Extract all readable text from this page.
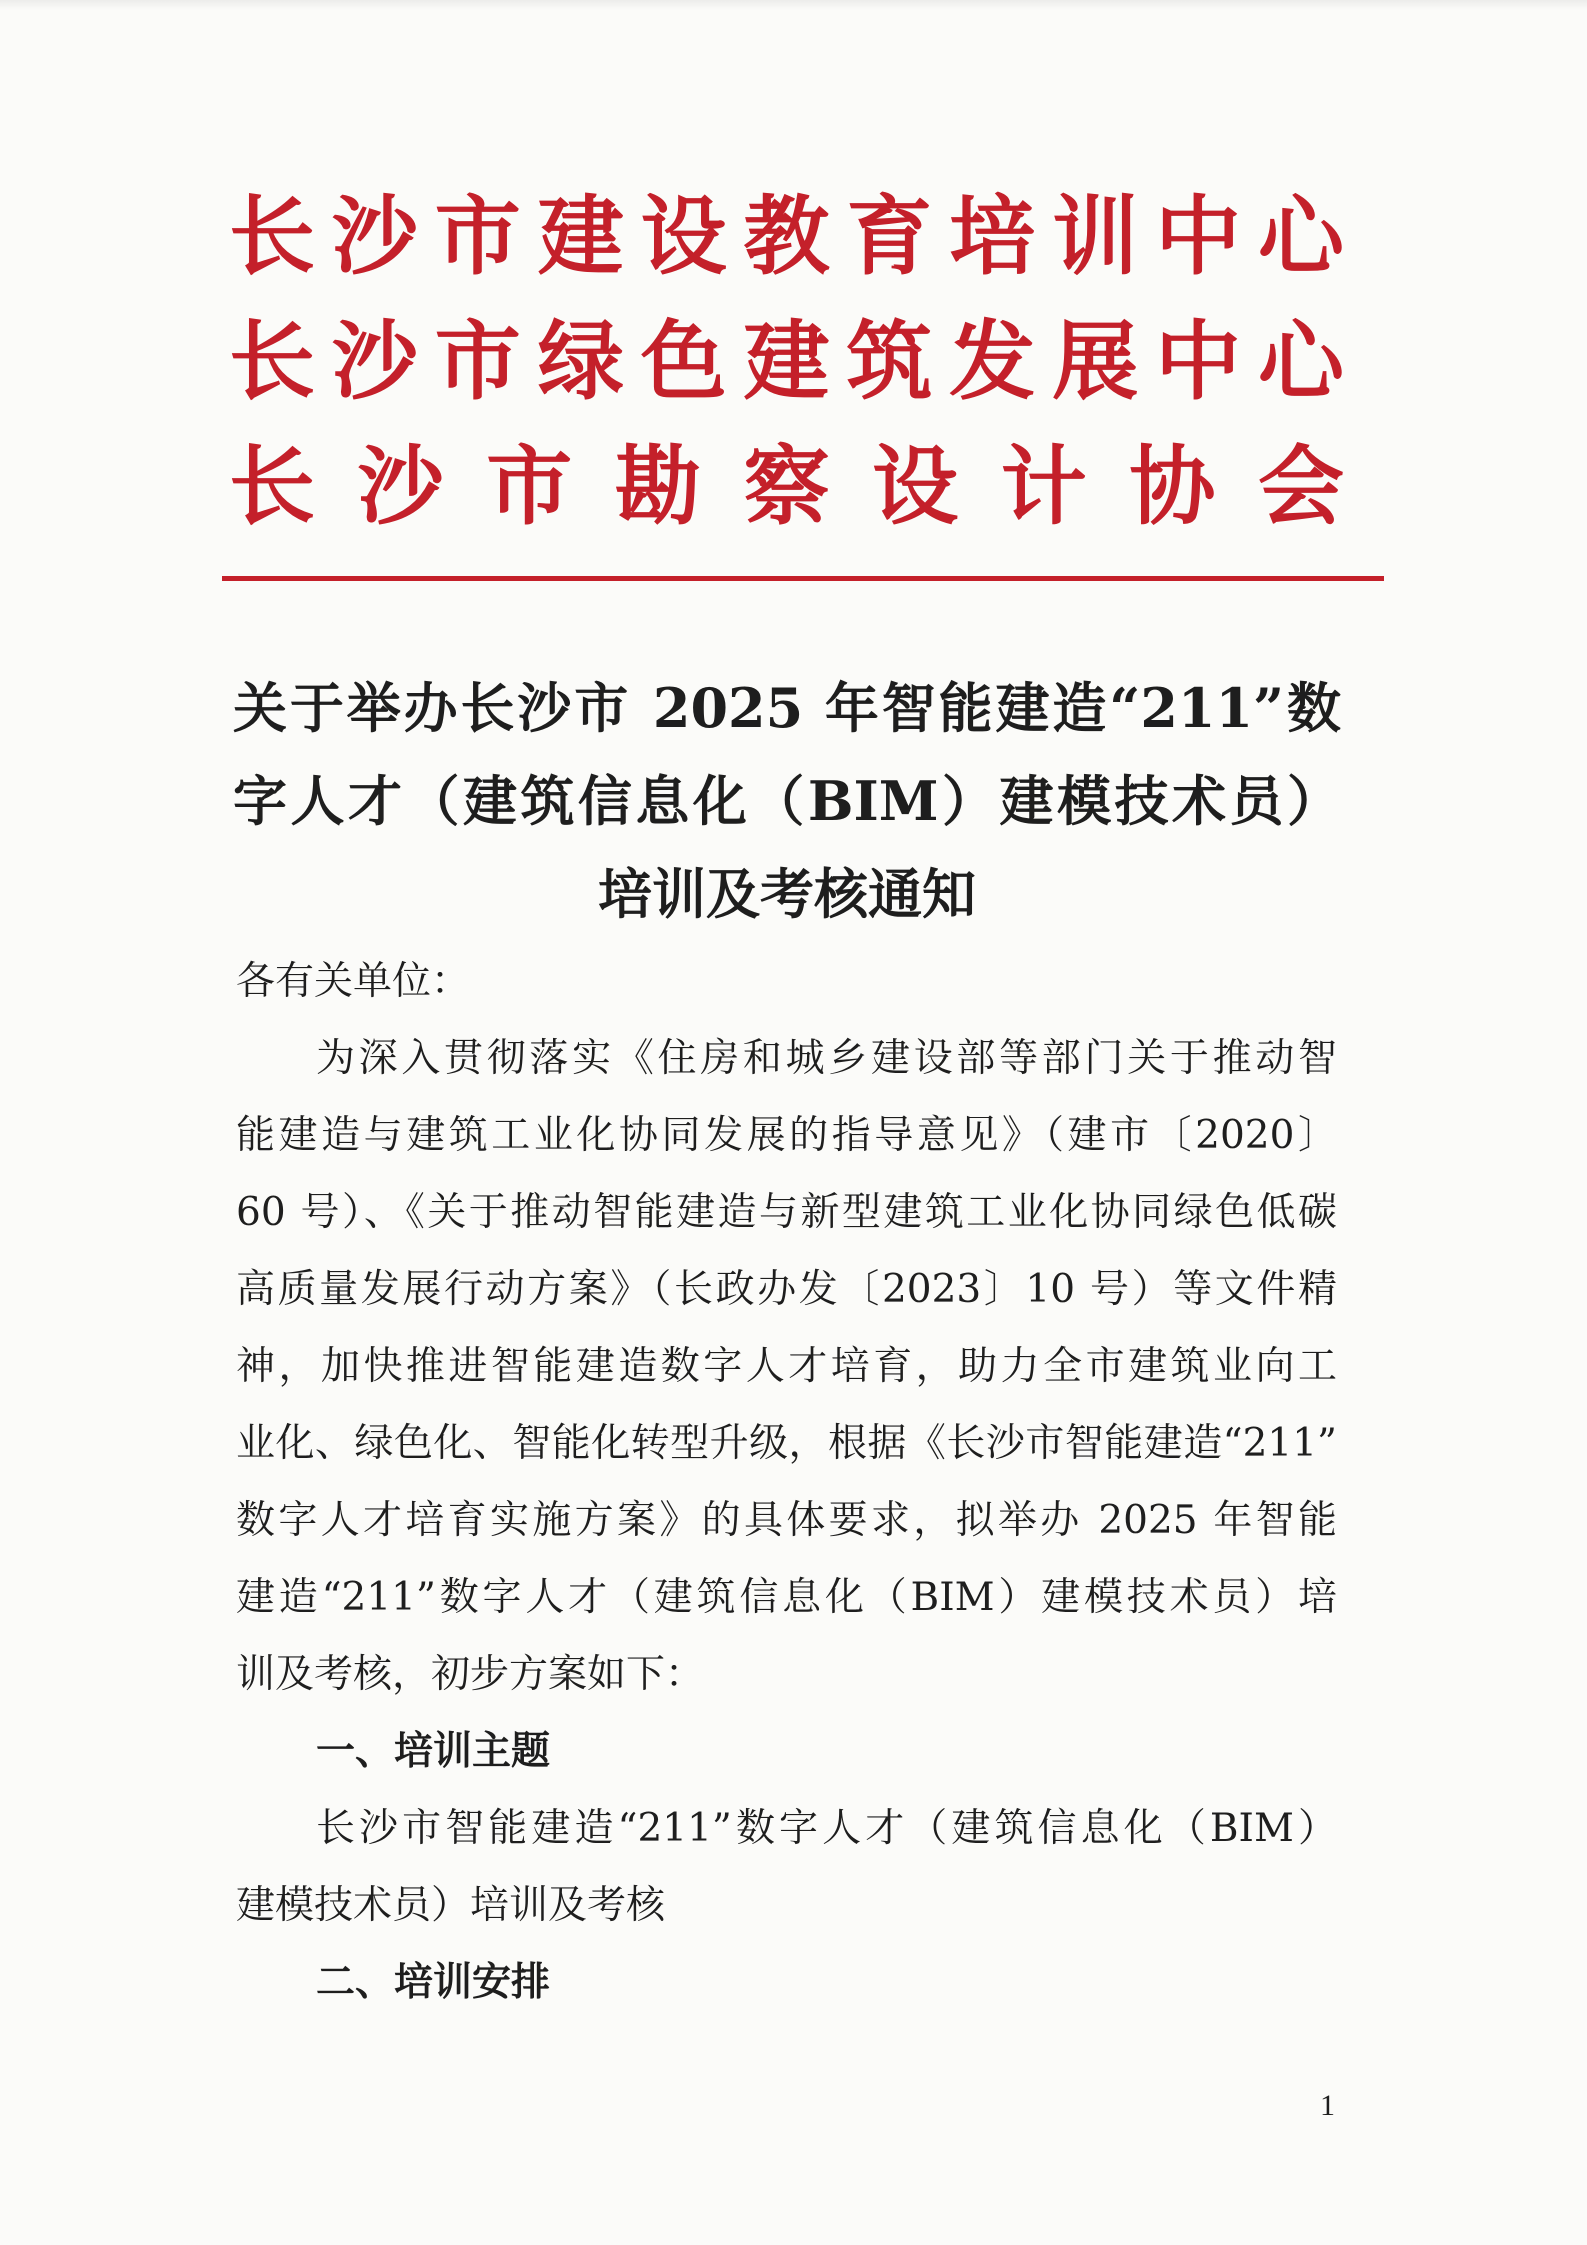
长沙市建设教育培训中心
长沙市绿色建筑发展中心
长沙市勘察设计协会
关于举办长沙市 2025 年智能建造“211”数
字人才（建筑信息化（BIM）建模技术员）
培训及考核通知
各有关单位：
为深入贯彻落实《住房和城乡建设部等部门关于推动智
能建造与建筑工业化协同发展的指导意见》（建市〔2020〕
60 号）、《关于推动智能建造与新型建筑工业化协同绿色低碳
高质量发展行动方案》（长政办发〔2023〕10 号）等文件精
神，加快推进智能建造数字人才培育，助力全市建筑业向工
业化、绿色化、智能化转型升级，根据《长沙市智能建造“211”
数字人才培育实施方案》的具体要求，拟举办 2025 年智能
建造“211”数字人才（建筑信息化（BIM）建模技术员）培
训及考核，初步方案如下：
一、培训主题
长沙市智能建造“211”数字人才（建筑信息化（BIM）
建模技术员）培训及考核
二、培训安排
1
